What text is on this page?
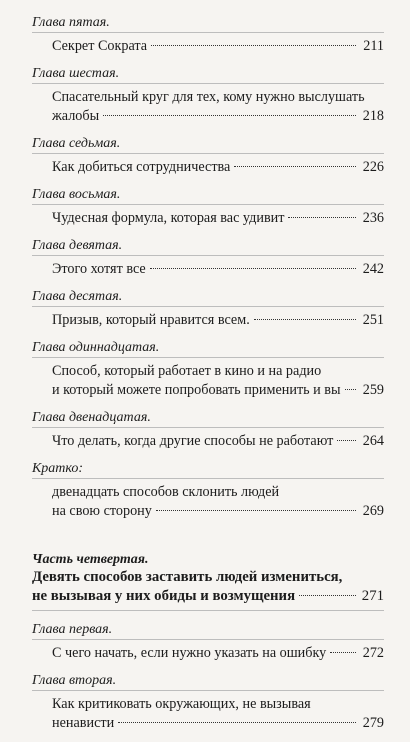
Глава пятая.
Секрет Сократа	211
Глава шестая.
Спасательный круг для тех, кому нужно выслушать
жалобы	218
Глава седьмая.
Как добиться сотрудничества	226
Глава восьмая.
Чудесная формула, которая вас удивит	236
Глава девятая.
Этого хотят все	242
Глава десятая.
Призыв, который нравится всем.	251
Глава одиннадцатая.
Способ, который работает в кино и на радио
и который можете попробовать применить и вы 259
Глава двенадцатая.
Что делать, когда другие способы не работают 264
Кратко:
двенадцать способов склонить людей
на свою сторону	269
Часть четвертая.
Девять способов заставить людей измениться,
не вызывая у них обиды и возмущения	271
Глава первая.
С чего начать, если нужно указать на ошибку	272
Глава вторая.
Как критиковать окружающих, не вызывая
ненависти	279
